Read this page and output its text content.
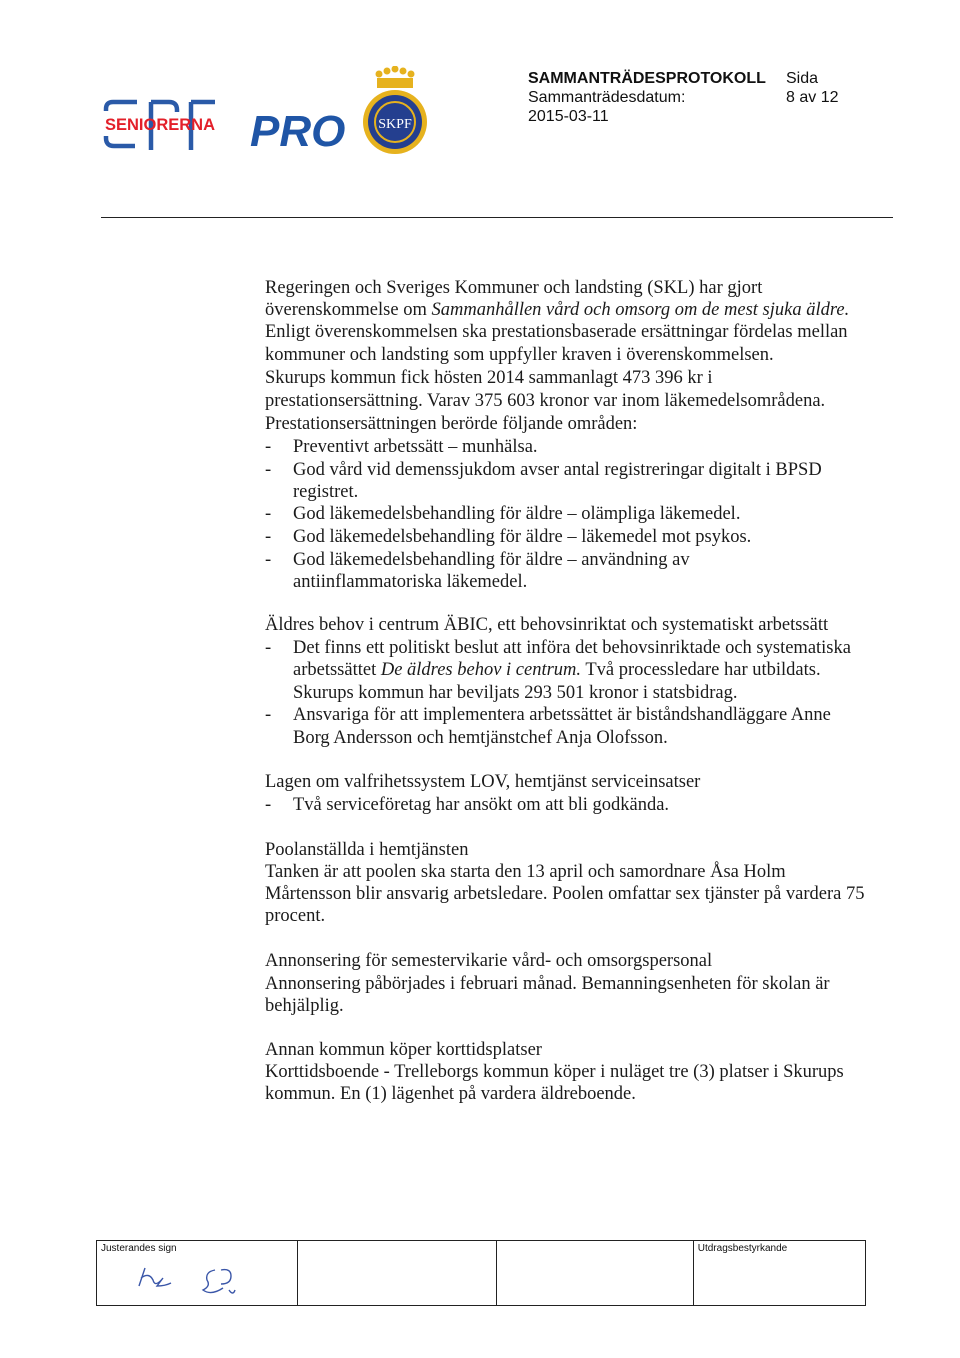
SENIORERNA PRO SKPF
SAMMANTRÄDESPROTOKOLL Sida
Sammanträdesdatum:	8 av 12
2015-03-11
Regeringen och Sveriges Kommuner och landsting (SKL) har gjort
överenskommelse om Sammanhållen vård och omsorg om de mest sjuka äldre.
Enligt överenskommelsen ska prestationsbaserade ersättningar fördelas mellan
kommuner och landsting som uppfyller kraven i överenskommelsen.
Skurups kommun fick hösten 2014 sammanlagt 473 396 kr i
prestationsersättning. Varav 375 603 kronor var inom läkemedelsområdena.
Prestationsersättningen berörde följande områden:
- Preventivt arbetssätt – munhälsa.
- God vård vid demenssjukdom avser antal registreringar digitalt i BPSD
registret.
- God läkemedelsbehandling för äldre – olämpliga läkemedel.
- God läkemedelsbehandling för äldre – läkemedel mot psykos.
- God läkemedelsbehandling för äldre – användning av
antiinflammatoriska läkemedel.
Äldres behov i centrum ÄBIC, ett behovsinriktat och systematiskt arbetssätt
- Det finns ett politiskt beslut att införa det behovsinriktade och systematiska
arbetssättet De äldres behov i centrum. Två processledare har utbildats.
Skurups kommun har beviljats 293 501 kronor i statsbidrag.
- Ansvariga för att implementera arbetssättet är biståndshandläggare Anne
Borg Andersson och hemtjänstchef Anja Olofsson.
Lagen om valfrihetssystem LOV, hemtjänst serviceinsatser
- Två serviceföretag har ansökt om att bli godkända.
Poolanställda i hemtjänsten
Tanken är att poolen ska starta den 13 april och samordnare Åsa Holm
Mårtensson blir ansvarig arbetsledare. Poolen omfattar sex tjänster på vardera 75
procent.
Annonsering för semestervikarie vård- och omsorgspersonal
Annonsering påbörjades i februari månad. Bemanningsenheten för skolan är
behjälplig.
Annan kommun köper korttidsplatser
Korttidsboende - Trelleborgs kommun köper i nuläget tre (3) platser i Skurups
kommun. En (1) lägenhet på vardera äldreboende.
Justerandes sign			Utdragsbestyrkande
